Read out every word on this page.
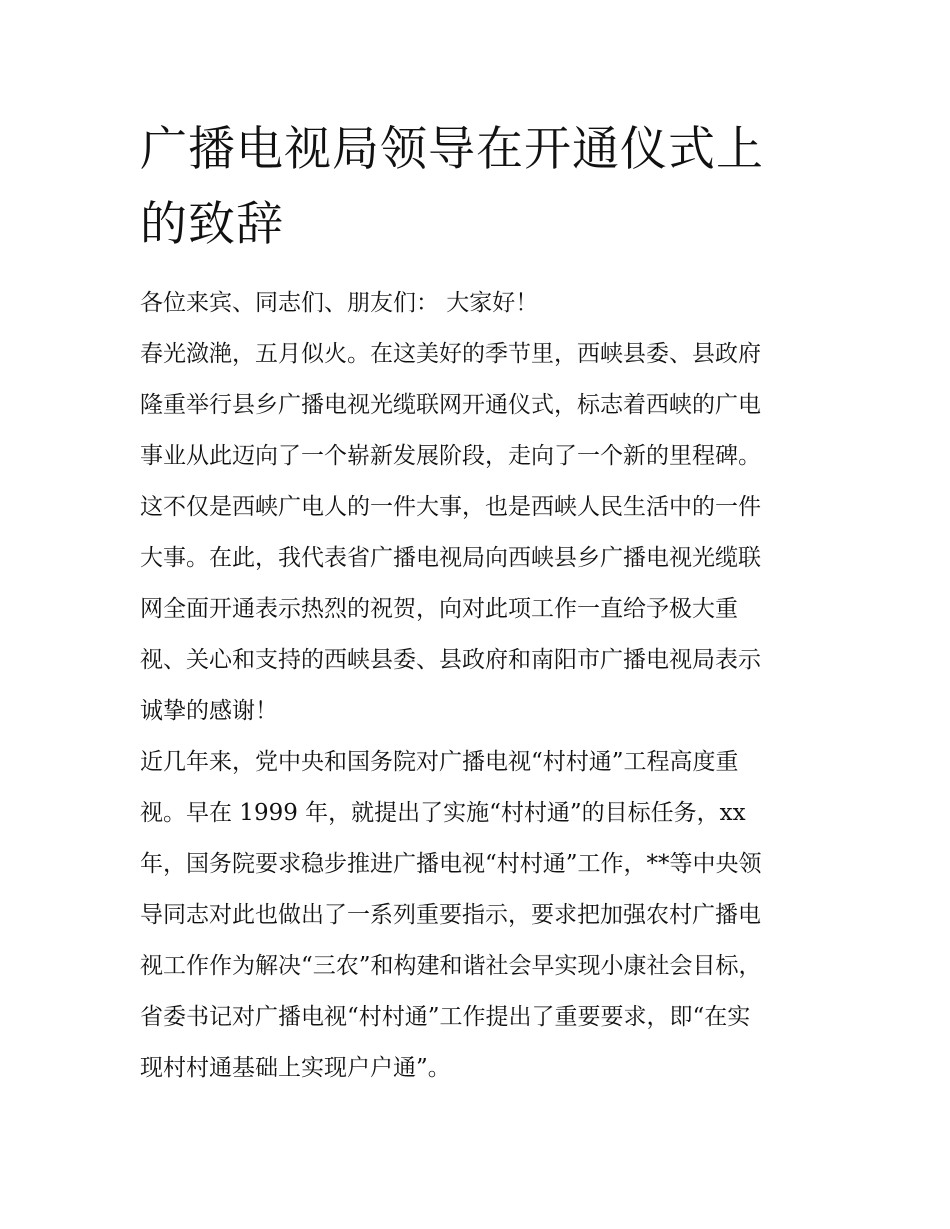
广播电视局领导在开通仪式上
的致辞
各位来宾、同志们、朋友们： 大家好！
春光潋滟，五月似火。在这美好的季节里，西峡县委、县政府
隆重举行县乡广播电视光缆联网开通仪式，标志着西峡的广电
事业从此迈向了一个崭新发展阶段，走向了一个新的里程碑。
这不仅是西峡广电人的一件大事，也是西峡人民生活中的一件
大事。在此，我代表省广播电视局向西峡县乡广播电视光缆联
网全面开通表示热烈的祝贺，向对此项工作一直给予极大重
视、关心和支持的西峡县委、县政府和南阳市广播电视局表示
诚挚的感谢！
近几年来，党中央和国务院对广播电视“村村通”工程高度重
视。早在 1999 年，就提出了实施“村村通”的目标任务，xx
年，国务院要求稳步推进广播电视“村村通”工作，**等中央领
导同志对此也做出了一系列重要指示，要求把加强农村广播电
视工作作为解决“三农”和构建和谐社会早实现小康社会目标，
省委书记对广播电视“村村通”工作提出了重要要求，即“在实
现村村通基础上实现户户通”。
